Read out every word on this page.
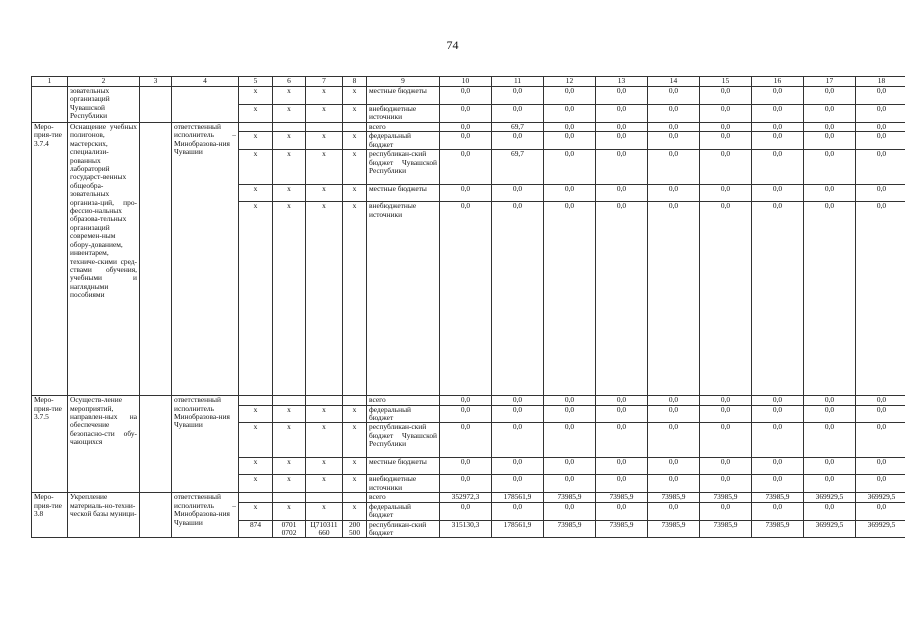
74
1	2	3	4	5	6	7	8	9	10	11	12	13	14	15	16	17	18
	зовательных организаций Чувашской Республики			х	х	х	х	местные бюджеты	0,0	0,0	0,0	0,0	0,0	0,0	0,0	0,0	0,0
				х	х	х	х	внебюджетные источники	0,0	0,0	0,0	0,0	0,0	0,0	0,0	0,0	0,0
Меро-прия-тие 3.7.4	Оснащение учебных полигонов, мастерских, специализи-рованных лабораторий государст-венных общеобра-зовательных организа-ций, про-фессио-нальных образова-тельных организаций современ-ным обору-дованием, инвентарем, техниче-скими сред-ствами обучения, учебными и наглядными пособиями		ответственный исполнитель – Минобразова-ния Чувашии					всего	0,0	69,7	0,0	0,0	0,0	0,0	0,0	0,0	0,0
				х	х	х	х	федеральный бюджет	0,0	0,0	0,0	0,0	0,0	0,0	0,0	0,0	0,0
				х	х	х	х	республикан-ский бюджет Чувашской Республики	0,0	69,7	0,0	0,0	0,0	0,0	0,0	0,0	0,0
				х	х	х	х	местные бюджеты	0,0	0,0	0,0	0,0	0,0	0,0	0,0	0,0	0,0
				х	х	х	х	внебюджетные источники	0,0	0,0	0,0	0,0	0,0	0,0	0,0	0,0	0,0
Меро-прия-тие 3.7.5	Осуществ-ление мероприятий, направлен-ных на обеспечение безопасно-сти обу-чающихся		ответственный исполнитель Минобразова-ния Чувашии					всего	0,0	0,0	0,0	0,0	0,0	0,0	0,0	0,0	0,0
				х	х	х	х	федеральный бюджет	0,0	0,0	0,0	0,0	0,0	0,0	0,0	0,0	0,0
				х	х	х	х	республикан-ский бюджет Чувашской Республики	0,0	0,0	0,0	0,0	0,0	0,0	0,0	0,0	0,0
				х	х	х	х	местные бюджеты	0,0	0,0	0,0	0,0	0,0	0,0	0,0	0,0	0,0
				х	х	х	х	внебюджетные источники	0,0	0,0	0,0	0,0	0,0	0,0	0,0	0,0	0,0
Меро-прия-тие 3.8	Укрепление материаль-но-техни-ческой базы муници-		ответственный исполнитель – Минобразова-ния Чувашии					всего	352972,3	178561,9	73985,9	73985,9	73985,9	73985,9	73985,9	369929,5	369929,5
				х	х	х	х	федеральный бюджет	0,0	0,0	0,0	0,0	0,0	0,0	0,0	0,0	0,0
				874	0701 0702	Ц710311 660	200 500	республикан-ский бюджет	315130,3	178561,9	73985,9	73985,9	73985,9	73985,9	73985,9	369929,5	369929,5
